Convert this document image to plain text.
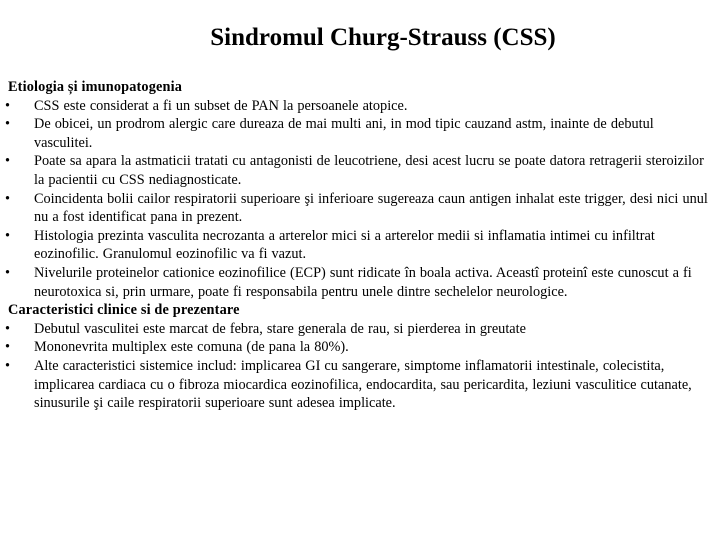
Sindromul Churg-Strauss (CSS)
Etiologia și imunopatogenia
• CSS este considerat a fi un subset de PAN la persoanele atopice.
• De obicei, un prodrom alergic care dureaza de mai multi ani, in mod tipic cauzand astm, inainte de debutul vasculitei.
• Poate sa apara la astmaticii tratati cu antagonisti de leucotriene, desi acest lucru se poate datora retragerii steroizilor la pacientii cu CSS nediagnosticate.
• Coincidenta bolii cailor respiratorii superioare şi inferioare sugereaza caun antigen inhalat este trigger, desi nici unul nu a fost identificat pana in prezent.
• Histologia prezinta vasculita necrozanta a arterelor mici si a arterelor medii si inflamatia intimei cu infiltrat eozinofilic. Granulomul eozinofilic va fi vazut.
• Nivelurile proteinelor cationice eozinofilice (ECP) sunt ridicate în boala activa. Aceastî proteinî este cunoscut a fi neurotoxica si, prin urmare, poate fi responsabila pentru unele dintre sechelelor neurologice.
Caracteristici clinice si de prezentare
• Debutul vasculitei este marcat de febra, stare generala de rau, si pierderea in greutate
• Mononevrita multiplex este comuna (de pana la 80%).
• Alte caracteristici sistemice includ: implicarea GI cu sangerare, simptome inflamatorii intestinale, colecistita, implicarea cardiaca cu o fibroza miocardica eozinofilica, endocardita, sau pericardita, leziuni vasculitice cutanate, sinusurile şi caile respiratorii superioare sunt adesea implicate.
